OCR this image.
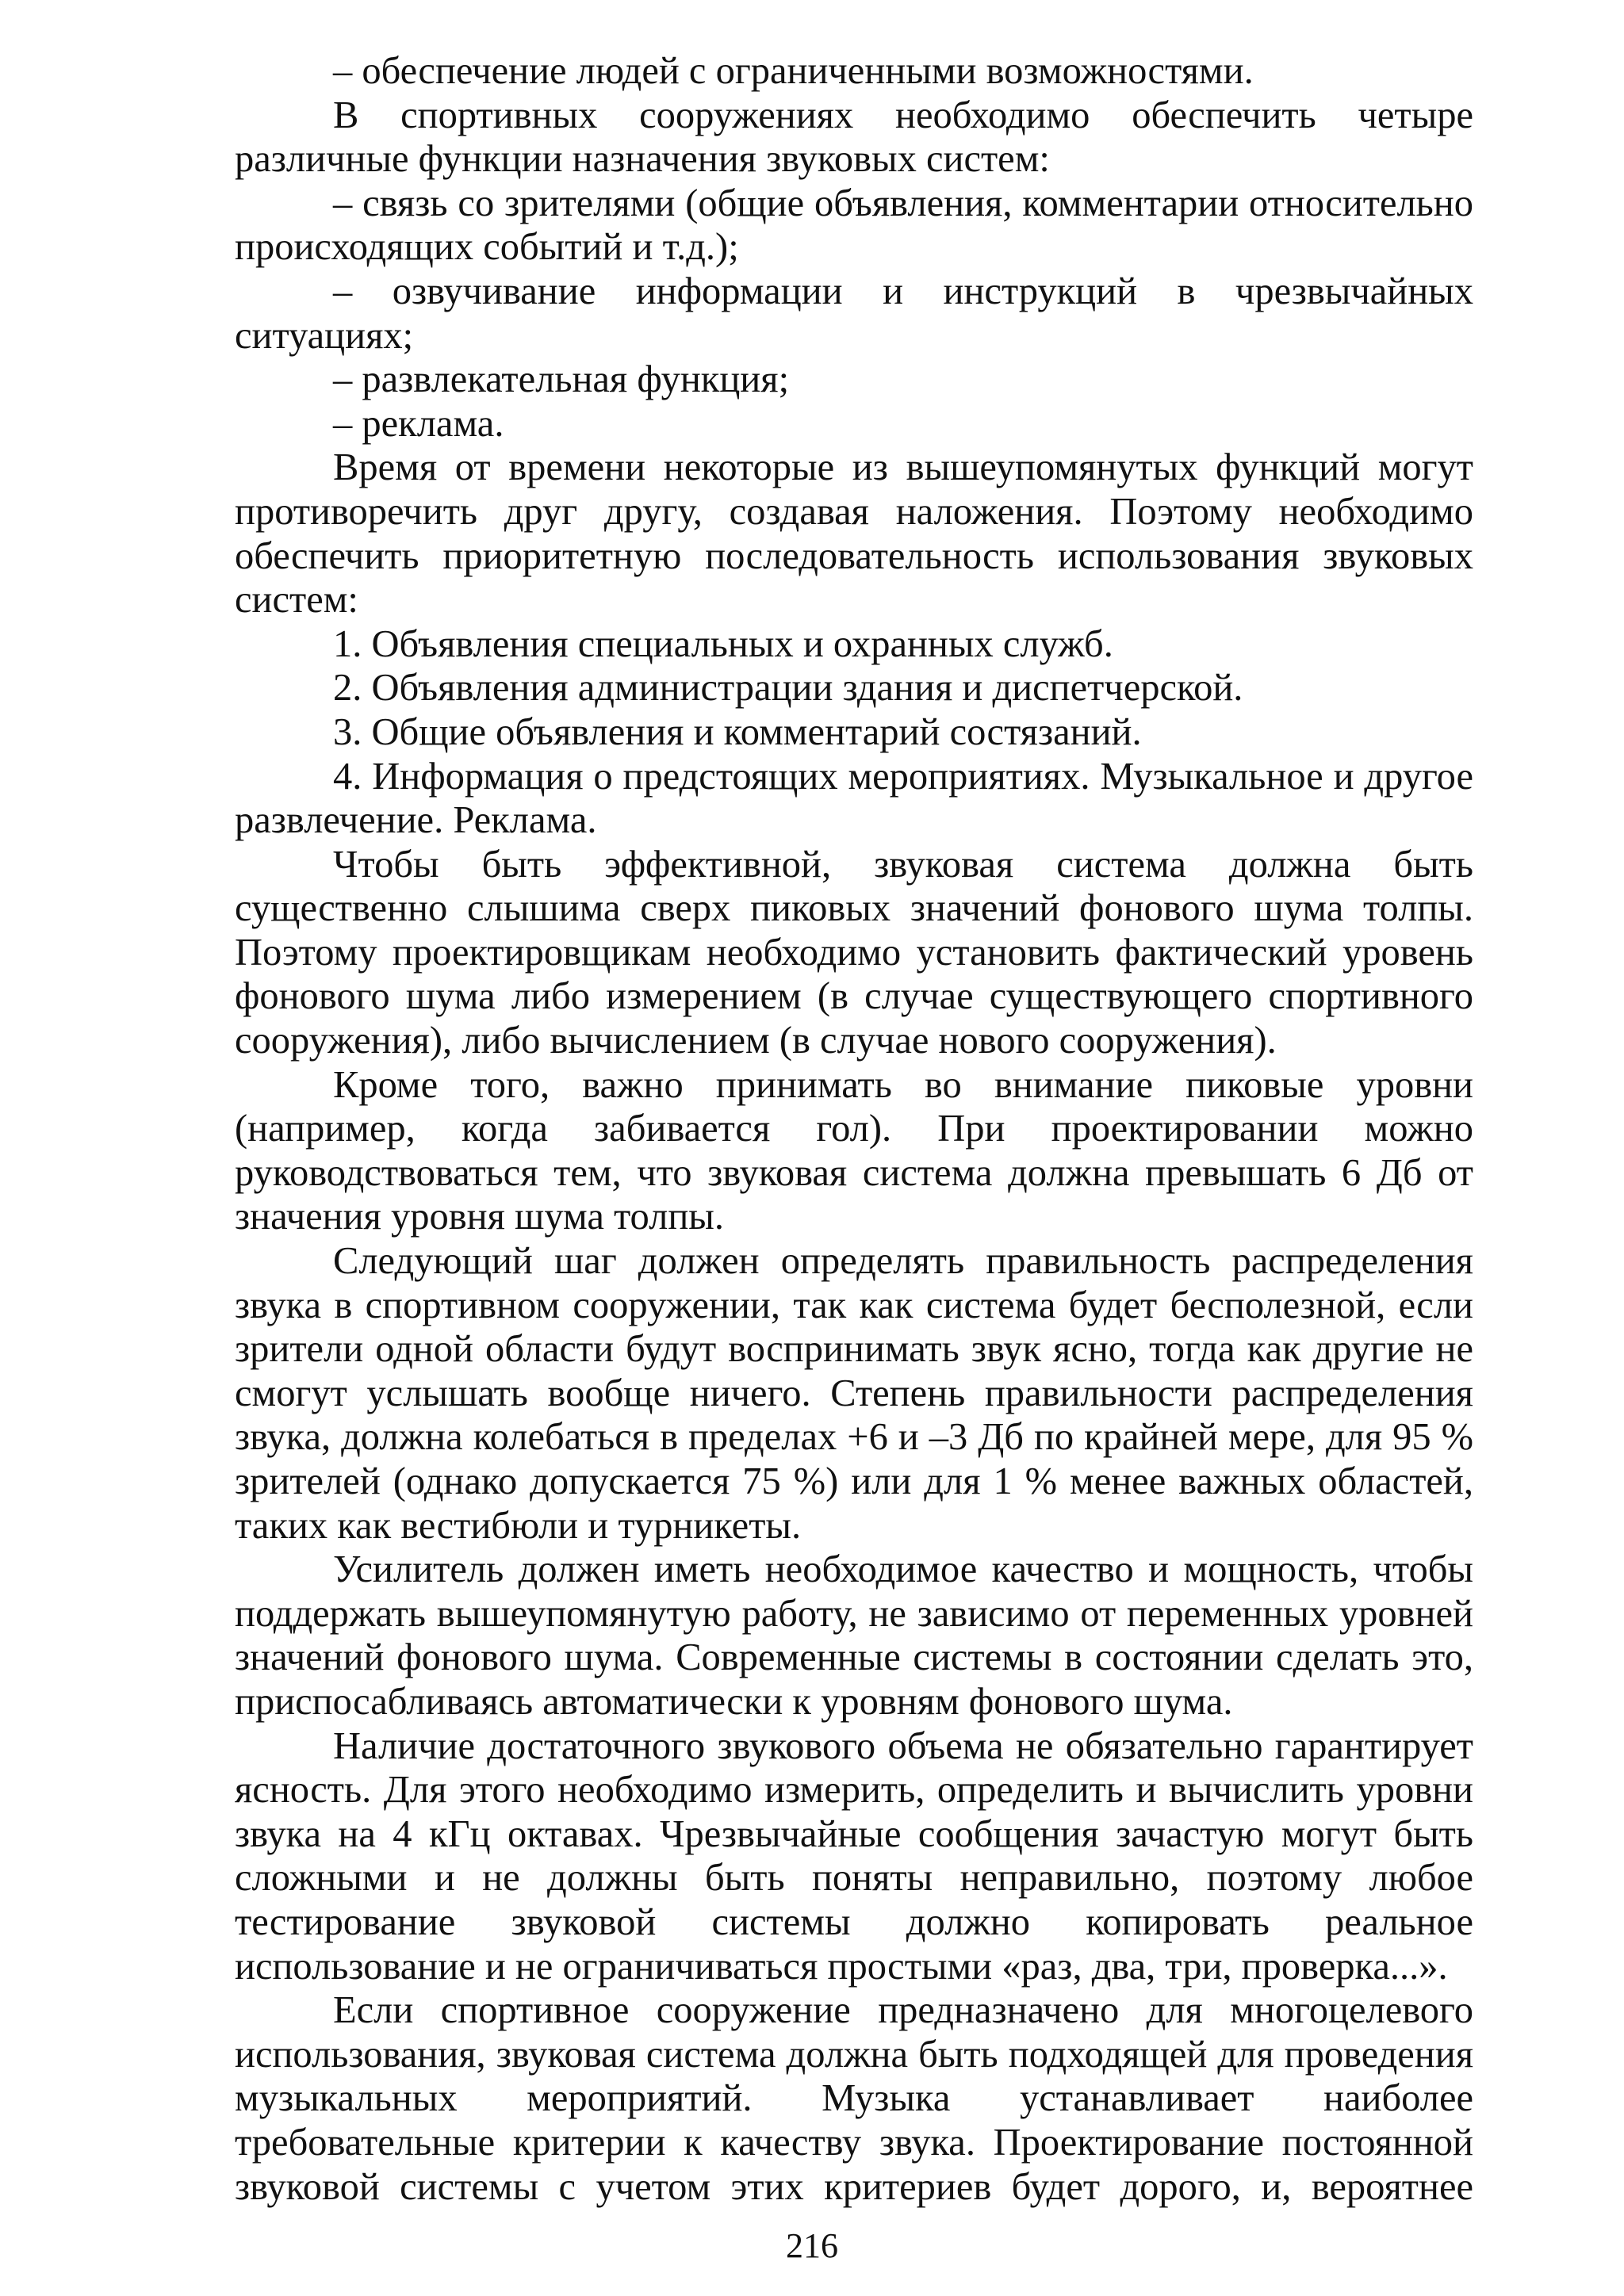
– обеспечение людей с ограниченными возможностями.

В спортивных сооружениях необходимо обеспечить четыре различные функции назначения звуковых систем:

– связь со зрителями (общие объявления, комментарии относительно происходящих событий и т.д.);

– озвучивание информации и инструкций в чрезвычайных ситуациях;

– развлекательная функция;

– реклама.

Время от времени некоторые из вышеупомянутых функций могут противоречить друг другу, создавая наложения. Поэтому необходимо обеспечить приоритетную последовательность использования звуковых систем:

1. Объявления специальных и охранных служб.

2. Объявления администрации здания и диспетчерской.

3. Общие объявления и комментарий состязаний.

4. Информация о предстоящих мероприятиях. Музыкальное и другое развлечение. Реклама.

Чтобы быть эффективной, звуковая система должна быть существенно слышима сверх пиковых значений фонового шума толпы. Поэтому проектировщикам необходимо установить фактический уровень фонового шума либо измерением (в случае существующего спортивного сооружения), либо вычислением (в случае нового сооружения).

Кроме того, важно принимать во внимание пиковые уровни (например, когда забивается гол). При проектировании можно руководствоваться тем, что звуковая система должна превышать 6 Дб от значения уровня шума толпы.

Следующий шаг должен определять правильность распределения звука в спортивном сооружении, так как система будет бесполезной, если зрители одной области будут воспринимать звук ясно, тогда как другие не смогут услышать вообще ничего. Степень правильности распределения звука, должна колебаться в пределах +6 и –3 Дб по крайней мере, для 95 % зрителей (однако допускается 75 %) или для 1 % менее важных областей, таких как вестибюли и турникеты.

Усилитель должен иметь необходимое качество и мощность, чтобы поддержать вышеупомянутую работу, не зависимо от переменных уровней значений фонового шума. Современные системы в состоянии сделать это, приспосабливаясь автоматически к уровням фонового шума.

Наличие достаточного звукового объема не обязательно гарантирует ясность. Для этого необходимо измерить, определить и вычислить уровни звука на 4 кГц октавах. Чрезвычайные сообщения зачастую могут быть сложными и не должны быть поняты неправильно, поэтому любое тестирование звуковой системы должно копировать реальное использование и не ограничиваться простыми «раз, два, три, проверка...».

Если спортивное сооружение предназначено для многоцелевого использования, звуковая система должна быть подходящей для проведения музыкальных мероприятий. Музыка устанавливает наиболее требовательные критерии к качеству звука. Проектирование постоянной звуковой системы с учетом этих критериев будет дорого, и, вероятнее

216
